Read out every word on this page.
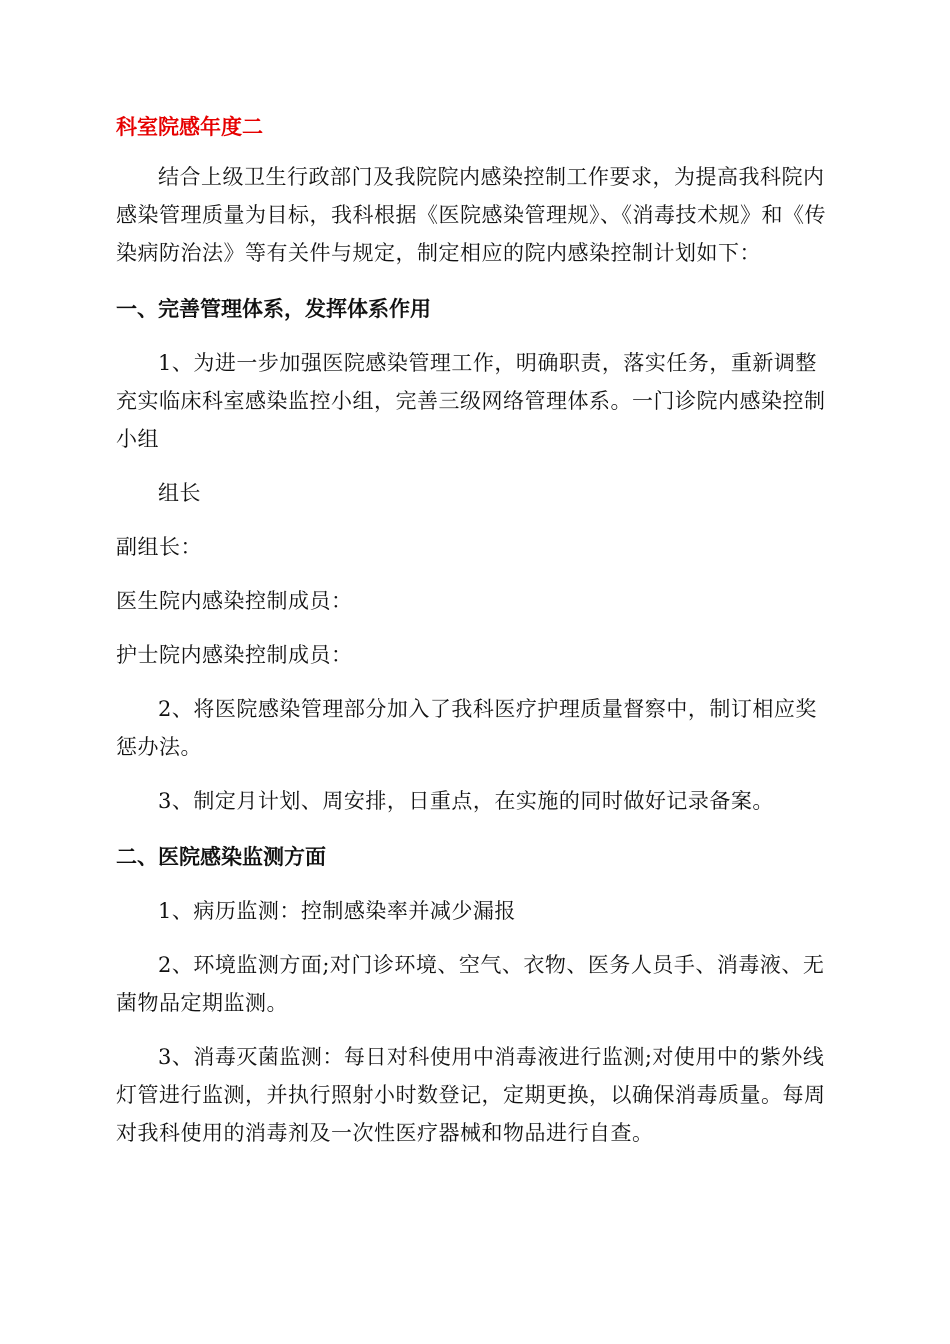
科室院感年度二

结合上级卫生行政部门及我院院内感染控制工作要求，为提高我科院内感染管理质量为目标，我科根据《医院感染管理规》、《消毒技术规》和《传染病防治法》等有关件与规定，制定相应的院内感染控制计划如下：

一、完善管理体系，发挥体系作用

1、为进一步加强医院感染管理工作，明确职责，落实任务，重新调整充实临床科室感染监控小组，完善三级网络管理体系。一门诊院内感染控制小组

组长

副组长：

医生院内感染控制成员：

护士院内感染控制成员：

2、将医院感染管理部分加入了我科医疗护理质量督察中，制订相应奖惩办法。

3、制定月计划、周安排，日重点，在实施的同时做好记录备案。

二、医院感染监测方面

1、病历监测：控制感染率并减少漏报

2、环境监测方面;对门诊环境、空气、衣物、医务人员手、消毒液、无菌物品定期监测。

3、消毒灭菌监测：每日对科使用中消毒液进行监测;对使用中的紫外线灯管进行监测，并执行照射小时数登记，定期更换，以确保消毒质量。每周对我科使用的消毒剂及一次性医疗器械和物品进行自查。
